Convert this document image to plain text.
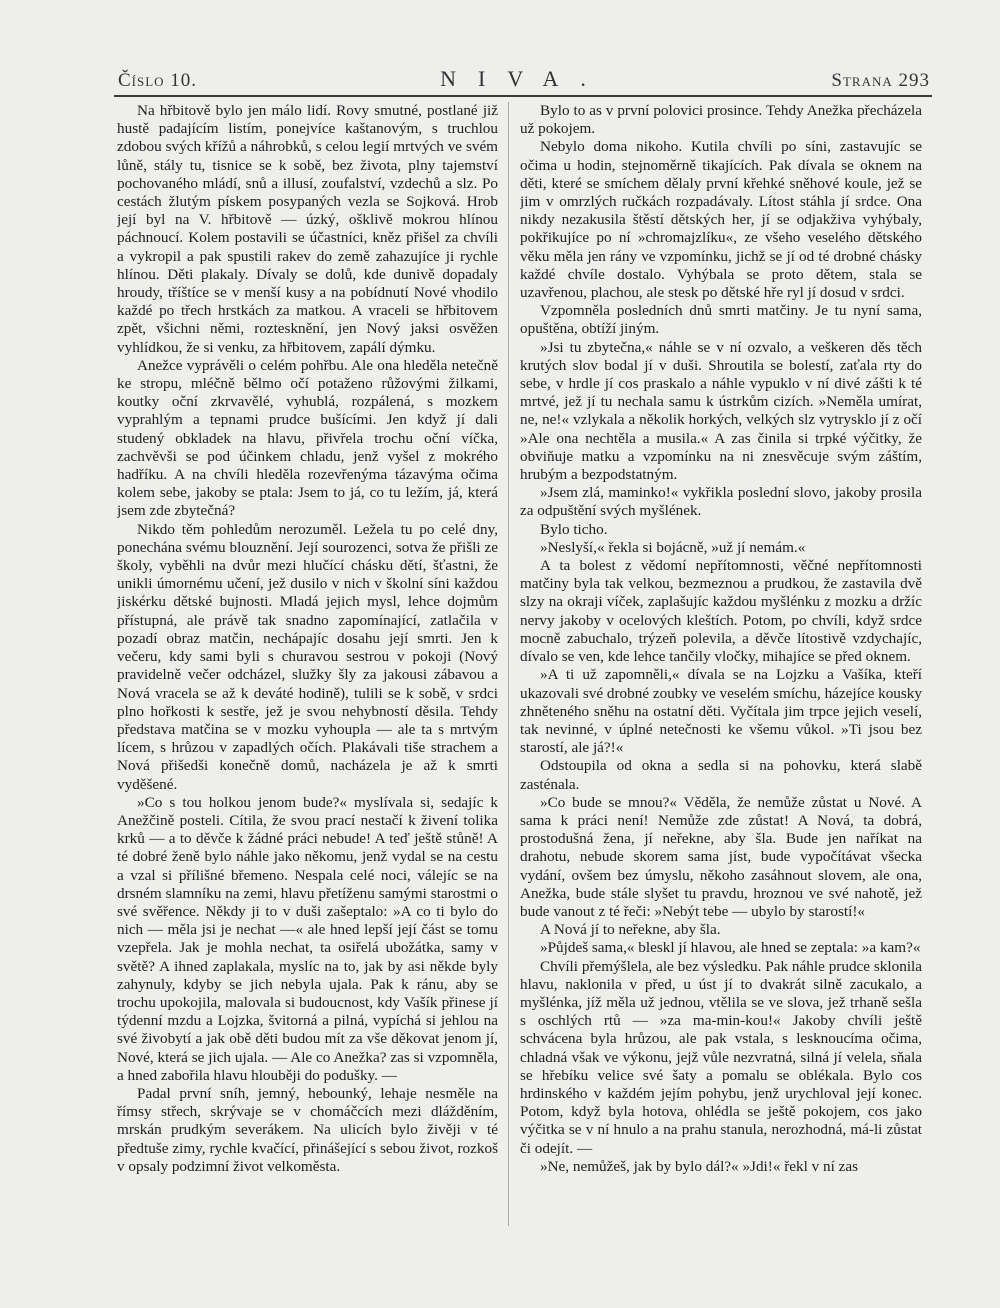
Číslo 10.	NIVA.	Strana 293

Na hřbitově bylo jen málo lidí. Rovy smutné, postlané již hustě padajícím listím, ponejvíce kaštanovým, s truchlou zdobou svých křížů a náhrobků, s celou legií mrtvých ve svém lůně, stály tu, tisnice se k sobě, bez života, plny tajemství pochovaného mládí, snů a illusí, zoufalství, vzdechů a slz. Po cestách žlutým pískem posypaných vezla se Sojková. Hrob její byl na V. hřbitově — úzký, ošklivě mokrou hlínou páchnoucí. Kolem postavili se účastníci, kněz přišel za chvíli a vykropil a pak spustili rakev do země zahazujíce ji rychle hlínou. Děti plakaly. Dívaly se dolů, kde dunivě dopadaly hroudy, tříštíce se v menší kusy a na pobídnutí Nové vhodilo každé po třech hrstkách za matkou. A vraceli se hřbitovem zpět, všichni němi, roztesknění, jen Nový jaksi osvěžen vyhlídkou, že si venku, za hřbitovem, zapálí dýmku.

Anežce vyprávěli o celém pohřbu. Ale ona hleděla netečně ke stropu, mléčně bělmo očí potaženo růžovými žilkami, koutky oční zkrvavělé, vyhublá, rozpálená, s mozkem vyprahlým a tepnami prudce bušícími. Jen když jí dali studený obkladek na hlavu, přivřela trochu oční víčka, zachvěvši se pod účinkem chladu, jenž vyšel z mokrého hadříku. A na chvíli hleděla rozevřenýma tázavýma očima kolem sebe, jakoby se ptala: Jsem to já, co tu ležím, já, která jsem zde zbytečná?

Nikdo těm pohledům nerozuměl. Ležela tu po celé dny, ponechána svému blouznění. Její sourozenci, sotva že přišli ze školy, vyběhli na dvůr mezi hlučící chásku dětí, šťastni, že unikli úmornému učení, jež dusilo v nich v školní síni každou jiskérku dětské bujnosti. Mladá jejich mysl, lehce dojmům přístupná, ale právě tak snadno zapomínající, zatlačila v pozadí obraz matčin, nechápajíc dosahu její smrti. Jen k večeru, kdy sami byli s churavou sestrou v pokoji (Nový pravidelně večer odcházel, služky šly za jakousi zábavou a Nová vracela se až k deváté hodině), tulili se k sobě, v srdci plno hořkosti k sestře, jež je svou nehybností děsila. Tehdy představa matčina se v mozku vyhoupla — ale ta s mrtvým lícem, s hrůzou v zapadlých očích. Plakávali tiše strachem a Nová přišedši konečně domů, nacházela je až k smrti vyděšené.

»Co s tou holkou jenom bude?« myslívala si, sedajíc k Anežčině posteli. Cítila, že svou prací nestačí k živení tolika krků — a to děvče k žádné práci nebude! A teď ještě stůně! A té dobré ženě bylo náhle jako někomu, jenž vydal se na cestu a vzal si přílišné břemeno. Nespala celé noci, válejíc se na drsném slamníku na zemi, hlavu přetíženu samými starostmi o své svěřence. Někdy ji to v duši zašeptalo: »A co ti bylo do nich — měla jsi je nechat —« ale hned lepší její část se tomu vzepřela. Jak je mohla nechat, ta osiřelá ubožátka, samy v světě? A ihned zaplakala, myslíc na to, jak by asi někde byly zahynuly, kdyby se jich nebyla ujala. Pak k ránu, aby se trochu upokojila, malovala si budoucnost, kdy Vašík přinese jí týdenní mzdu a Lojzka, švitorná a pilná, vypíchá si jehlou na své živobytí a jak obě děti budou mít za vše děkovat jenom jí, Nové, která se jich ujala. — Ale co Anežka? zas si vzpomněla, a hned zabořila hlavu hlouběji do podušky. —

Padal první sníh, jemný, hebounký, lehaje nesměle na římsy střech, skrývaje se v chomáčcích mezi dlážděním, mrskán prudkým severákem. Na ulicích bylo živěji v té předtuše zimy, rychle kvačící, přinášející s sebou život, rozkoš v opsaly podzimní život velkoměsta.

Bylo to as v první polovici prosince. Tehdy Anežka přecházela už pokojem.

Nebylo doma nikoho. Kutila chvíli po síni, zastavujíc se očima u hodin, stejnoměrně tikajících. Pak dívala se oknem na děti, které se smíchem dělaly první křehké sněhové koule, jež se jim v omrzlých ručkách rozpadávaly. Lítost stáhla jí srdce. Ona nikdy nezakusila štěstí dětských her, jí se odjakživa vyhýbaly, pokřikujíce po ní »chromajzlíku«, ze všeho veselého dětského věku měla jen rány ve vzpomínku, jichž se jí od té drobné chásky každé chvíle dostalo. Vyhýbala se proto dětem, stala se uzavřenou, plachou, ale stesk po dětské hře ryl jí dosud v srdci.

Vzpomněla posledních dnů smrti matčiny. Je tu nyní sama, opuštěna, obtíží jiným.

»Jsi tu zbytečna,« náhle se v ní ozvalo, a veškeren děs těch krutých slov bodal jí v duši. Shroutila se bolestí, zaťala rty do sebe, v hrdle jí cos praskalo a náhle vypuklo v ní divé zášti k té mrtvé, jež jí tu nechala samu k ústrkům cizích. »Neměla umírat, ne, ne!« vzlykala a několik horkých, velkých slz vytrysklo jí z očí »Ale ona nechtěla a musila.« A zas činila si trpké výčitky, že obviňuje matku a vzpomínku na ni znesvěcuje svým záštím, hrubým a bezpodstatným.

»Jsem zlá, maminko!« vykřikla poslední slovo, jakoby prosila za odpuštění svých myšlének.

Bylo ticho.

»Neslyší,« řekla si bojácně, »už jí nemám.«

A ta bolest z vědomí nepřítomnosti, věčné nepřítomnosti matčiny byla tak velkou, bezmeznou a prudkou, že zastavila dvě slzy na okraji víček, zaplašujíc každou myšlénku z mozku a držíc nervy jakoby v ocelových kleštích. Potom, po chvíli, když srdce mocně zabuchalo, trýzeň polevila, a děvče lítostivě vzdychajíc, dívalo se ven, kde lehce tančily vločky, mihajíce se před oknem.

»A ti už zapomněli,« dívala se na Lojzku a Vašíka, kteří ukazovali své drobné zoubky ve veselém smíchu, házejíce kousky zhněteného sněhu na ostatní děti. Vyčítala jim trpce jejich veselí, tak nevinné, v úplné netečnosti ke všemu vůkol. »Ti jsou bez starostí, ale já?!«

Odstoupila od okna a sedla si na pohovku, která slabě zasténala.

»Co bude se mnou?« Věděla, že nemůže zůstat u Nové. A sama k práci není! Nemůže zde zůstat! A Nová, ta dobrá, prostodušná žena, jí neřekne, aby šla. Bude jen naříkat na drahotu, nebude skorem sama jíst, bude vypočítávat všecka vydání, ovšem bez úmyslu, někoho zasáhnout slovem, ale ona, Anežka, bude stále slyšet tu pravdu, hroznou ve své nahotě, jež bude vanout z té řeči: »Nebýt tebe — ubylo by starostí!«

A Nová jí to neřekne, aby šla.

»Půjdeš sama,« bleskl jí hlavou, ale hned se zeptala: »a kam?«

Chvíli přemýšlela, ale bez výsledku. Pak náhle prudce sklonila hlavu, naklonila v před, u úst jí to dvakrát silně zacukalo, a myšlénka, jíž měla už jednou, vtělila se ve slova, jež trhaně sešla s oschlých rtů — »za ma-min-kou!« Jakoby chvíli ještě schvácena byla hrůzou, ale pak vstala, s lesknoucíma očima, chladná však ve výkonu, jejž vůle nezvratná, silná jí velela, sňala se hřebíku velice své šaty a pomalu se oblékala. Bylo cos hrdinského v každém jejím pohybu, jenž urychloval její konec. Potom, když byla hotova, ohlédla se ještě pokojem, cos jako výčitka se v ní hnulo a na prahu stanula, nerozhodná, má-li zůstat či odejít. —

»Ne, nemůžeš, jak by bylo dál?« »Jdi!« řekl v ní zas
